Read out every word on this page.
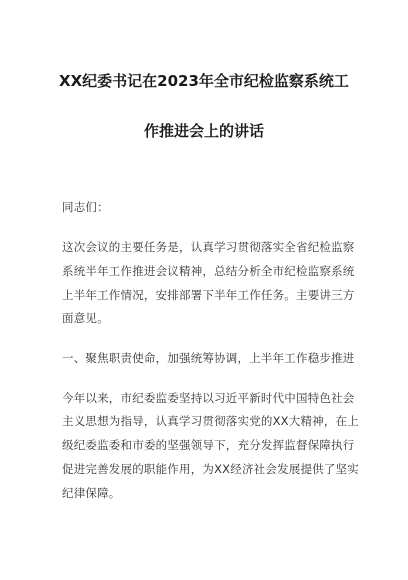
XX纪委书记在2023年全市纪检监察系统工
作推进会上的讲话
同志们：
这次会议的主要任务是，认真学习贯彻落实全省纪检监察
系统半年工作推进会议精神，总结分析全市纪检监察系统
上半年工作情况，安排部署下半年工作任务。主要讲三方
面意见。
一、聚焦职责使命，加强统筹协调，上半年工作稳步推进
今年以来，市纪委监委坚持以习近平新时代中国特色社会
主义思想为指导，认真学习贯彻落实党的XX大精神，在上
级纪委监委和市委的坚强领导下，充分发挥监督保障执行
促进完善发展的职能作用，为XX经济社会发展提供了坚实
纪律保障。
